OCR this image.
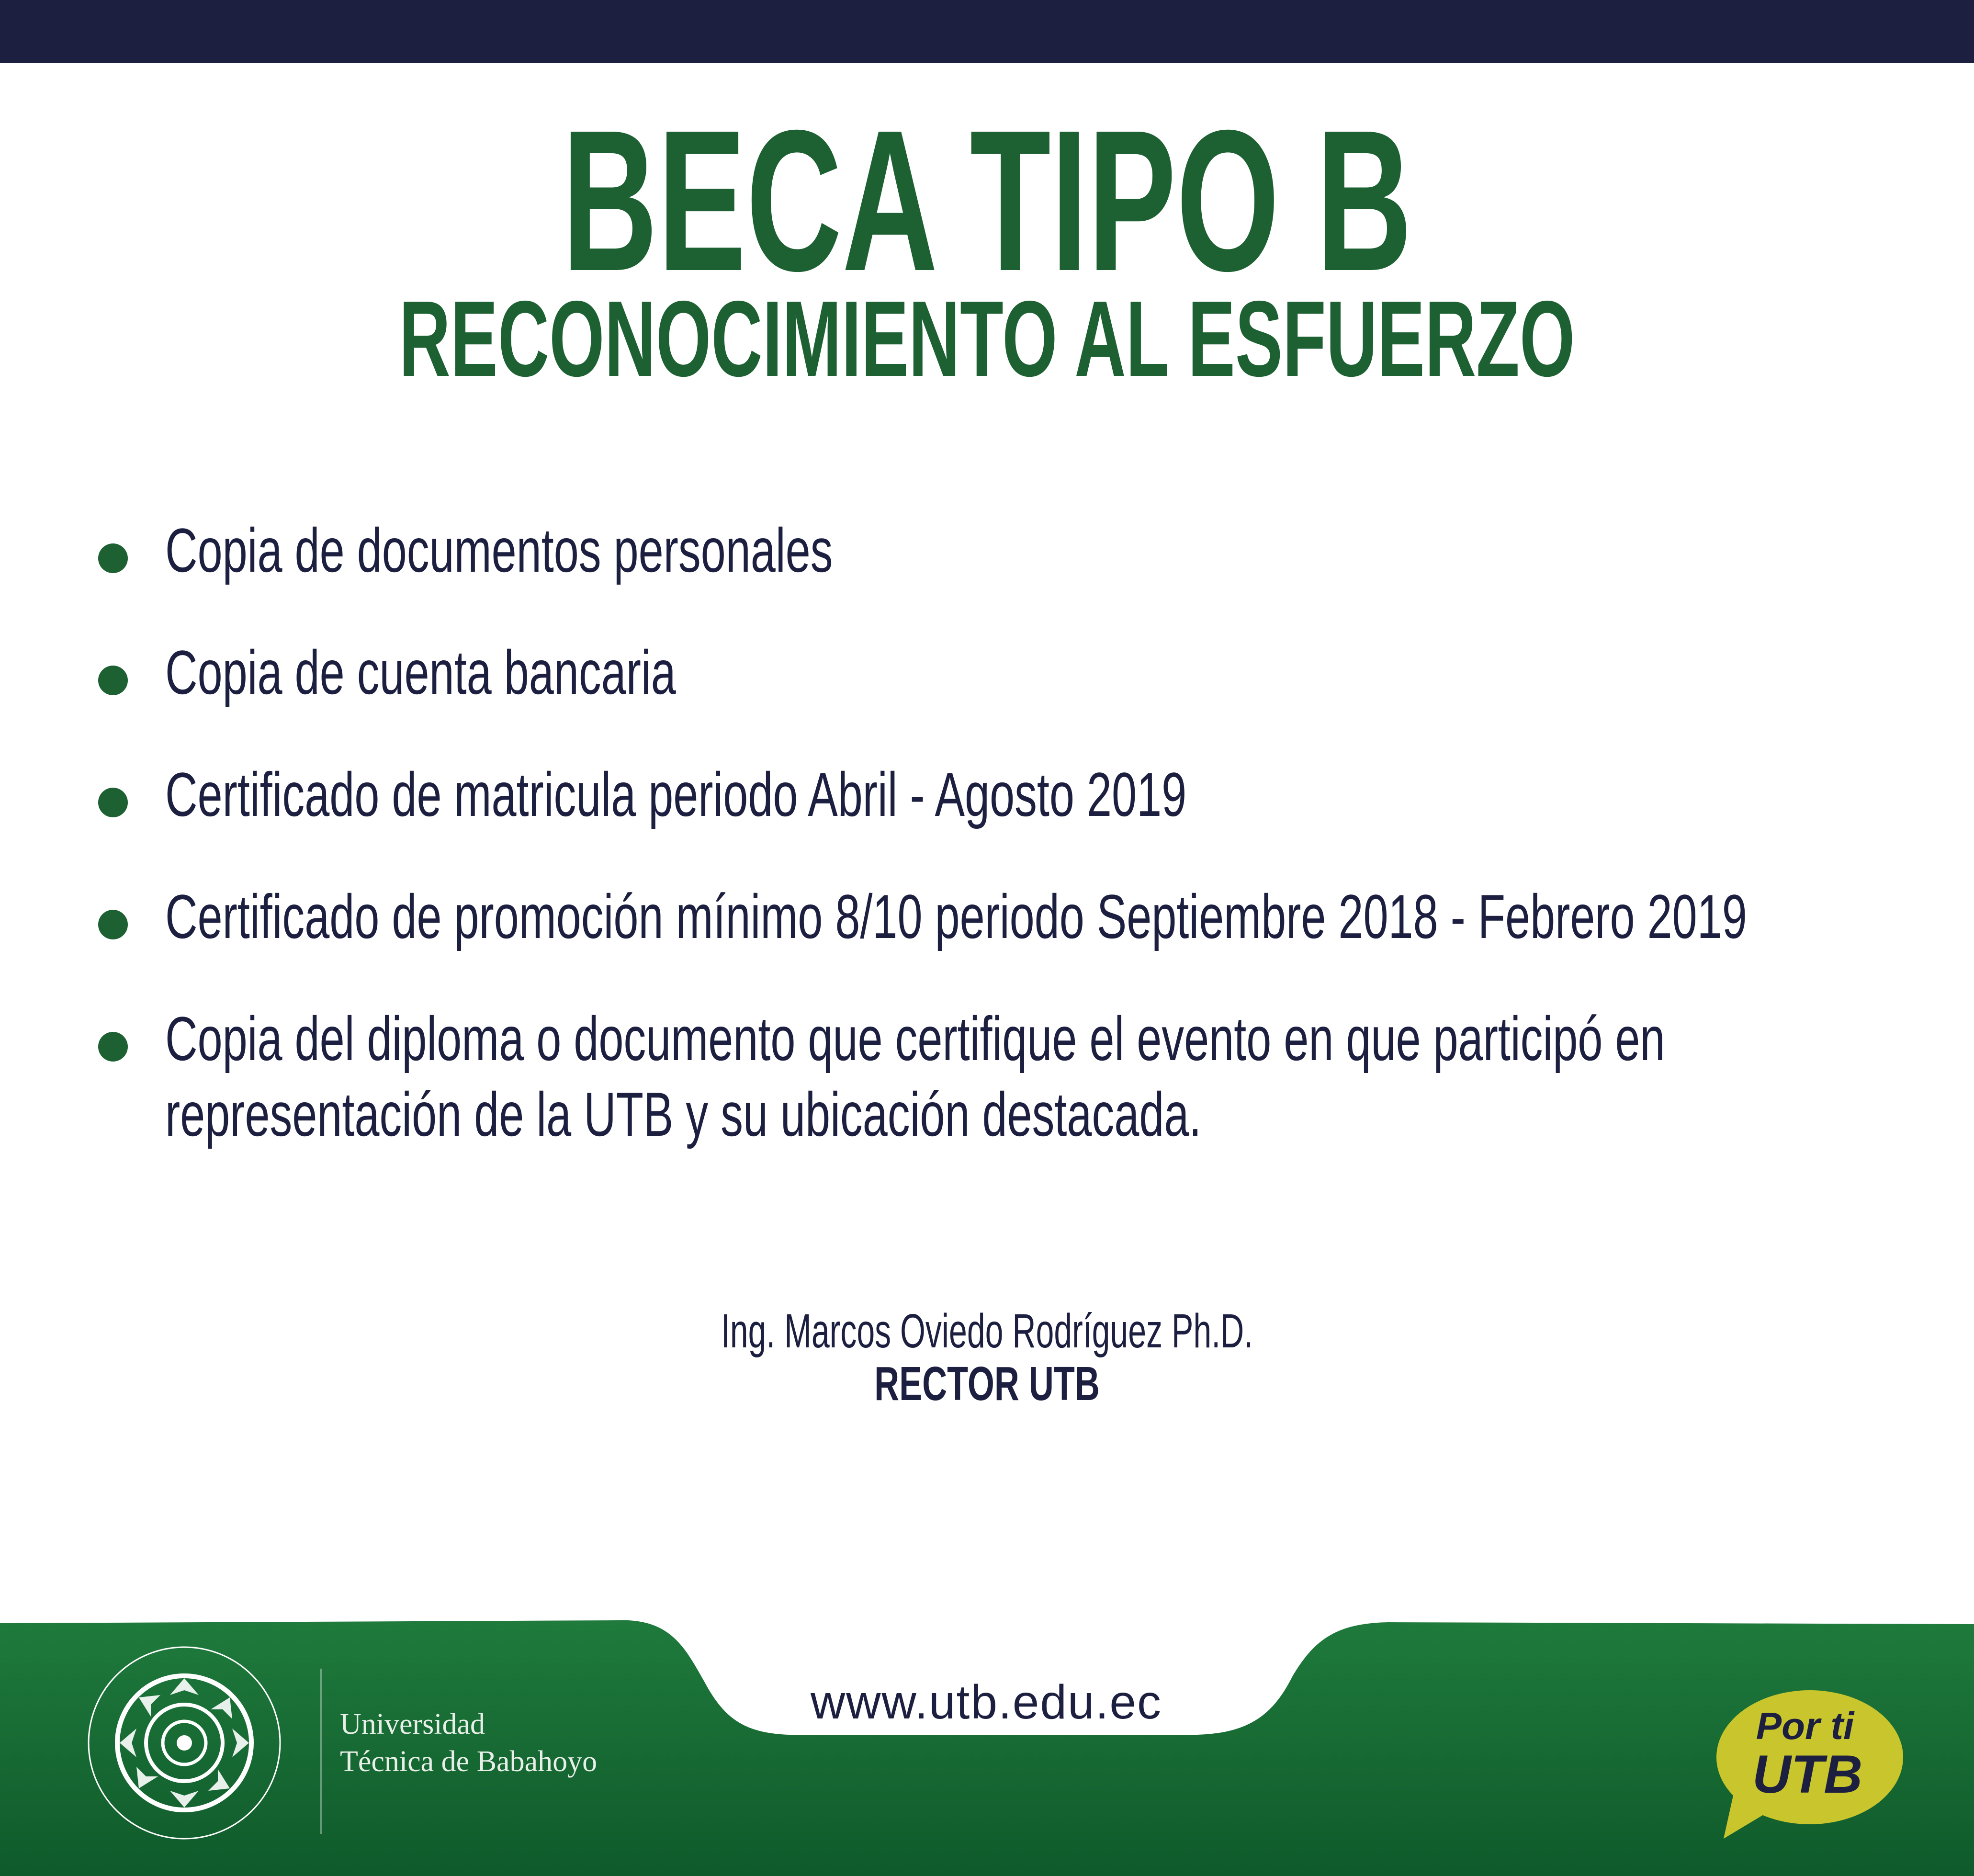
BECA TIPO B
RECONOCIMIENTO AL ESFUERZO
Copia de documentos personales
Copia de cuenta bancaria
Certificado de matricula periodo Abril - Agosto 2019
Certificado de promoción mínimo 8/10 periodo Septiembre 2018 - Febrero 2019
Copia del diploma o documento que certifique el evento en que participó en
representación de la UTB y su ubicación destacada.
Ing. Marcos Oviedo Rodríguez Ph.D.
RECTOR UTB
Universidad
Técnica de Babahoyo
www.utb.edu.ec	Por ti
UTB
